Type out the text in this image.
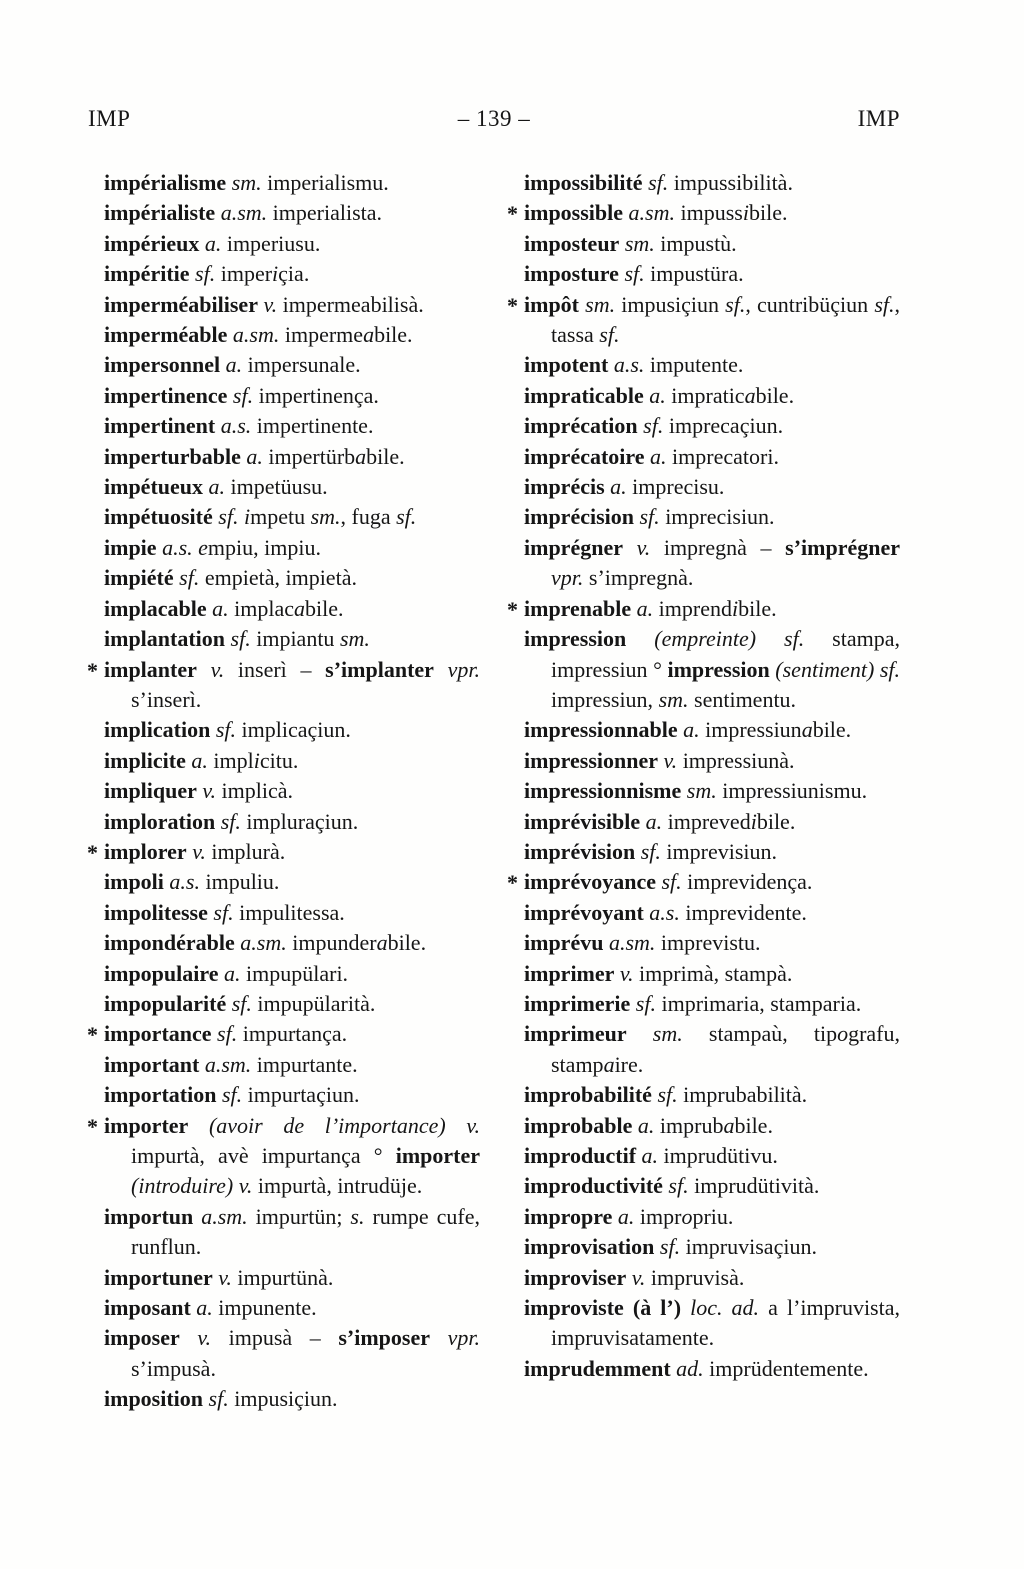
IMP	– 139 –	IMP
impérialisme sm. imperialismu.
impérialiste a.sm. imperialista.
impérieux a. imperiusu.
impéritie sf. imperiçia.
imperméabiliser v. impermeabilisà.
imperméable a.sm. impermeabile.
impersonnel a. impersunale.
impertinence sf. impertinença.
impertinent a.s. impertinente.
imperturbable a. impertürbabile.
impétueux a. impetüusu.
impétuosité sf. impetu sm., fuga sf.
impie a.s. empiu, impiu.
impiété sf. empietà, impietà.
implacable a. implacabile.
implantation sf. impiantu sm.
* implanter v. inserì – s’implanter vpr. s’inserì.
implication sf. implicaçiun.
implicite a. implicitu.
impliquer v. implicà.
imploration sf. impluraçiun.
* implorer v. implurà.
impoli a.s. impuliu.
impolitesse sf. impulitessa.
impondérable a.sm. impunderabile.
impopulaire a. impupülari.
impopularité sf. impupülarità.
* importance sf. impurtança.
important a.sm. impurtante.
importation sf. impurtaçiun.
* importer (avoir de l’importance) v. impurtà, avè impurtança ° importer (introduire) v. impurtà, intrudüje.
importun a.sm. impurtün; s. rumpe cufe, runflun.
importuner v. impurtünà.
imposant a. impunente.
imposer v. impusà – s’imposer vpr. s’impusà.
imposition sf. impusiçiun.
impossibilité sf. impussibilità.
* impossible a.sm. impussibile.
imposteur sm. impustù.
imposture sf. impustüra.
* impôt sm. impusiçiun sf., cuntribüçiun sf., tassa sf.
impotent a.s. imputente.
impraticable a. impraticabile.
imprécation sf. imprecaçiun.
imprécatoire a. imprecatori.
imprécis a. imprecisu.
imprécision sf. imprecisiun.
imprégner v. impregnà – s’imprégner vpr. s’impregnà.
* imprenable a. imprendibile.
impression (empreinte) sf. stampa, impressiun ° impression (sentiment) sf. impressiun, sm. sentimentu.
impressionnable a. impressiunabile.
impressionner v. impressiunà.
impressionnisme sm. impressiunismu.
imprévisible a. imprevedibile.
imprévision sf. imprevisiun.
* imprévoyance sf. imprevidença.
imprévoyant a.s. imprevidente.
imprévu a.sm. imprevistu.
imprimer v. imprimà, stampà.
imprimerie sf. imprimaria, stamparia.
imprimeur sm. stampaù, tipografu, stampaire.
improbabilité sf. imprubabilità.
improbable a. imprubabile.
improductif a. imprudütivu.
improductivité sf. imprudütività.
impropre a. impropriu.
improvisation sf. impruvisaçiun.
improviser v. impruvisà.
improviste (à l’) loc. ad. a l’impruvista, impruvisatamente.
imprudemment ad. imprüdentemente.
